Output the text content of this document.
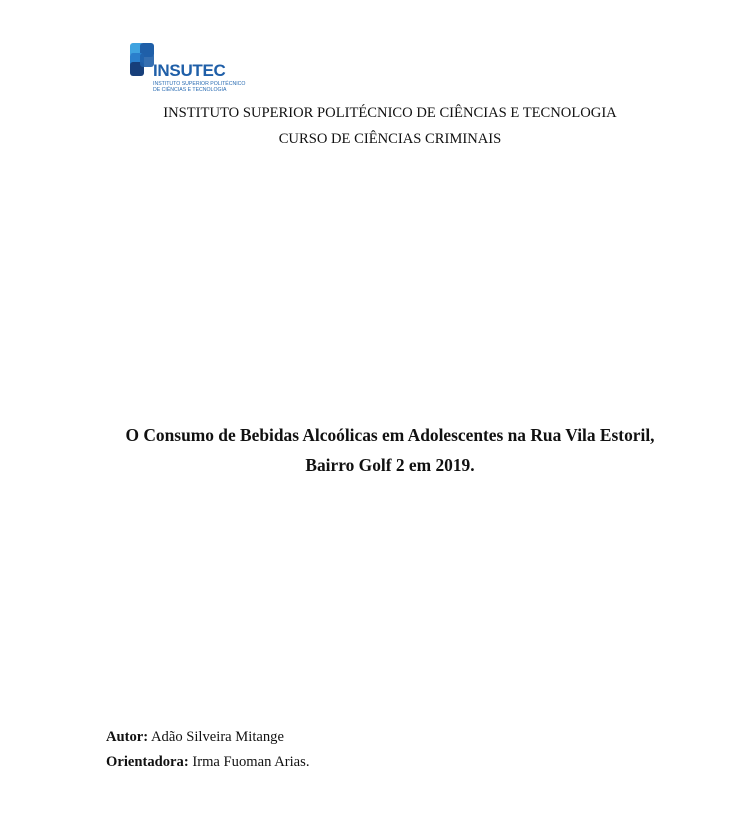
INSUTEC
INSTITUTO SUPERIOR POLITÉCNICO
DE CIÊNCIAS E TECNOLOGIA
INSTITUTO SUPERIOR POLITÉCNICO DE CIÊNCIAS E TECNOLOGIA
CURSO DE CIÊNCIAS CRIMINAIS
O Consumo de Bebidas Alcoólicas em Adolescentes na Rua Vila Estoril,
Bairro Golf 2 em 2019.
Autor: Adão Silveira Mitange
Orientadora: Irma Fuoman Arias.
